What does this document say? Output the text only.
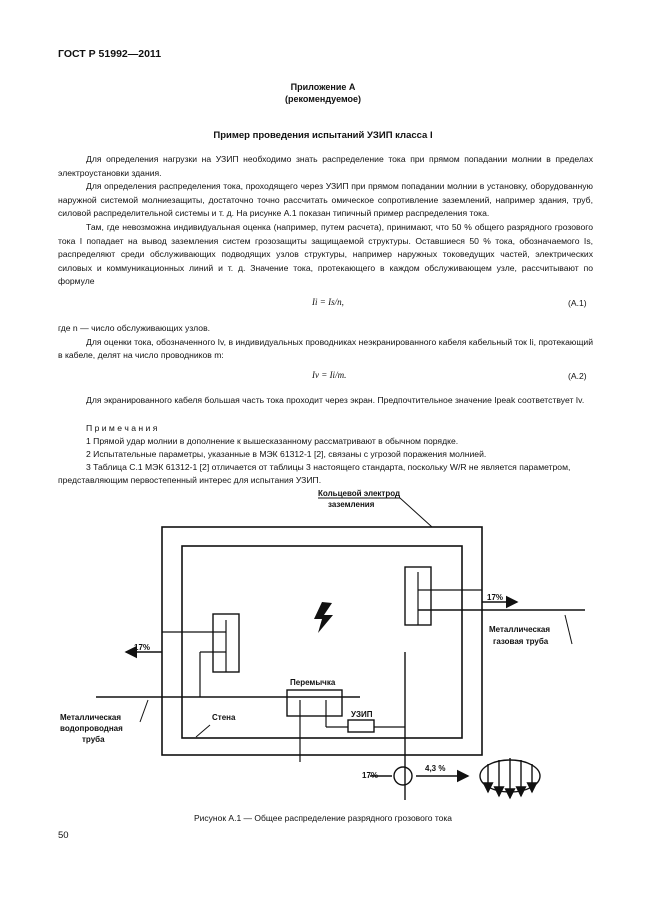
ГОСТ Р 51992—2011
Приложение А
(рекомендуемое)
Пример проведения испытаний УЗИП класса I

Для определения нагрузки на УЗИП необходимо знать распределение тока при прямом попадании молнии в пределах электроустановки здания.

Для определения распределения тока, проходящего через УЗИП при прямом попадании молнии в установку, оборудованную наружной системой молниезащиты, достаточно точно рассчитать омическое сопротивление заземлений, например здания, труб, силовой распределительной системы и т. д. На рисунке А.1 показан типичный пример распределения тока.

Там, где невозможна индивидуальная оценка (например, путем расчета), принимают, что 50 % общего разрядного грозового тока I попадает на вывод заземления систем грозозащиты защищаемой структуры. Оставшиеся 50 % тока, обозначаемого Is, распределяют среди обслуживающих подводящих узлов структуры, например наружных токоведущих частей, электрических силовых и коммуникационных линий и т. д. Значение тока, протекающего в каждом обслуживающем узле, рассчитывают по формуле

Ii = Is/n,	(А.1)

где n — число обслуживающих узлов.

Для оценки тока, обозначенного Iv, в индивидуальных проводниках неэкранированного кабеля кабельный ток Ii, протекающий в кабеле, делят на число проводников m:

Iv = Ii/m.	(А.2)

Для экранированного кабеля большая часть тока проходит через экран. Предпочтительное значение Ipeak соответствует Iv.

П р и м е ч а н и я

1 Прямой удар молнии в дополнение к вышесказанному рассматривают в обычном порядке.

2 Испытательные параметры, указанные в МЭК 61312-1 [2], связаны с угрозой поражения молнией.

3 Таблица С.1 МЭК 61312-1 [2] отличается от таблицы 3 настоящего стандарта, поскольку W/R не является параметром, представляющим первостепенный интерес для испытания УЗИП.

Кольцевой электрод
заземления
17%
Металлическая
газовая труба
17%
Металлическая
водопроводная
труба
Стена
Перемычка
УЗИП
17%
4,3 %
Рисунок А.1 — Общее распределение разрядного грозового тока
50
